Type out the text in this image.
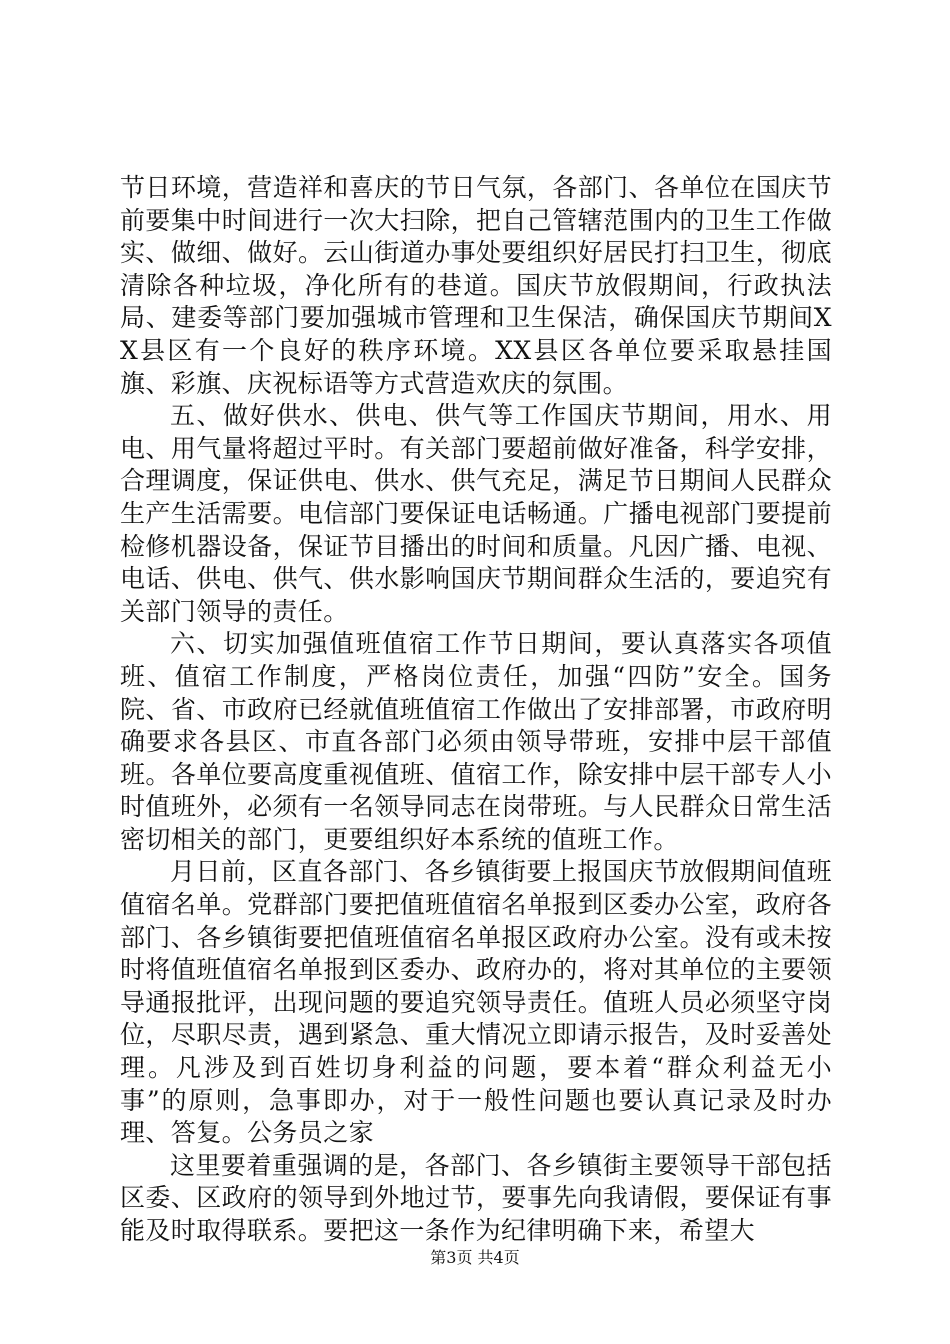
节日环境，营造祥和喜庆的节日气氛，各部门、各单位在国庆节前要集中时间进行一次大扫除，把自己管辖范围内的卫生工作做实、做细、做好。云山街道办事处要组织好居民打扫卫生，彻底清除各种垃圾，净化所有的巷道。国庆节放假期间，行政执法局、建委等部门要加强城市管理和卫生保洁，确保国庆节期间XX县区有一个良好的秩序环境。XX县区各单位要采取悬挂国旗、彩旗、庆祝标语等方式营造欢庆的氛围。

五、做好供水、供电、供气等工作国庆节期间，用水、用电、用气量将超过平时。有关部门要超前做好准备，科学安排，合理调度，保证供电、供水、供气充足，满足节日期间人民群众生产生活需要。电信部门要保证电话畅通。广播电视部门要提前检修机器设备，保证节目播出的时间和质量。凡因广播、电视、电话、供电、供气、供水影响国庆节期间群众生活的，要追究有关部门领导的责任。

六、切实加强值班值宿工作节日期间，要认真落实各项值班、值宿工作制度，严格岗位责任，加强“四防”安全。国务院、省、市政府已经就值班值宿工作做出了安排部署，市政府明确要求各县区、市直各部门必须由领导带班，安排中层干部值班。各单位要高度重视值班、值宿工作，除安排中层干部专人小时值班外，必须有一名领导同志在岗带班。与人民群众日常生活密切相关的部门，更要组织好本系统的值班工作。

月日前，区直各部门、各乡镇街要上报国庆节放假期间值班值宿名单。党群部门要把值班值宿名单报到区委办公室，政府各部门、各乡镇街要把值班值宿名单报区政府办公室。没有或未按时将值班值宿名单报到区委办、政府办的，将对其单位的主要领导通报批评，出现问题的要追究领导责任。值班人员必须坚守岗位，尽职尽责，遇到紧急、重大情况立即请示报告，及时妥善处理。凡涉及到百姓切身利益的问题，要本着“群众利益无小事”的原则，急事即办，对于一般性问题也要认真记录及时办理、答复。公务员之家

这里要着重强调的是，各部门、各乡镇街主要领导干部包括区委、区政府的领导到外地过节，要事先向我请假，要保证有事能及时取得联系。要把这一条作为纪律明确下来，希望大

第3页 共4页
